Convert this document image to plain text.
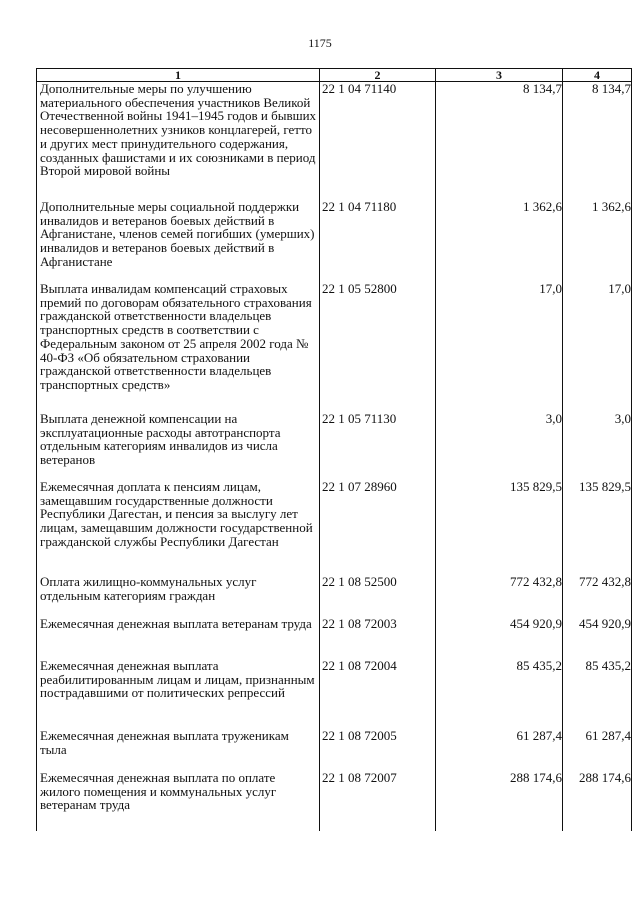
1175
1	2	3	4
Дополнительные меры по улучшению материального обеспечения участников Великой Отечественной войны 1941–1945 годов и бывших несовершеннолетних узников концлагерей, гетто и других мест принудительного содержания, созданных фашистами и их союзниками в период Второй мировой войны	22 1 04 71140	8 134,7	8 134,7
Дополнительные меры социальной поддержки инвалидов и ветеранов боевых действий в Афганистане, членов семей погибших (умерших) инвалидов и ветеранов боевых действий в Афганистане	22 1 04 71180	1 362,6	1 362,6
Выплата инвалидам компенсаций страховых премий по договорам обязательного страхования гражданской ответственности владельцев транспортных средств в соответствии с Федеральным законом от 25 апреля 2002 года № 40-ФЗ «Об обязательном страховании гражданской ответственности владельцев транспортных средств»	22 1 05 52800	17,0	17,0
Выплата денежной компенсации на эксплуатационные расходы автотранспорта отдельным категориям инвалидов из числа ветеранов	22 1 05 71130	3,0	3,0
Ежемесячная доплата к пенсиям лицам, замещавшим государственные должности Республики Дагестан, и пенсия за выслугу лет лицам, замещавшим должности государственной гражданской службы Республики Дагестан	22 1 07 28960	135 829,5	135 829,5
Оплата жилищно-коммунальных услуг отдельным категориям граждан	22 1 08 52500	772 432,8	772 432,8
Ежемесячная денежная выплата ветеранам труда	22 1 08 72003	454 920,9	454 920,9
Ежемесячная денежная выплата реабилитированным лицам и лицам, признанным пострадавшими от политических репрессий	22 1 08 72004	85 435,2	85 435,2
Ежемесячная денежная выплата труженикам тыла	22 1 08 72005	61 287,4	61 287,4
Ежемесячная денежная выплата по оплате жилого помещения и коммунальных услуг ветеранам труда	22 1 08 72007	288 174,6	288 174,6
